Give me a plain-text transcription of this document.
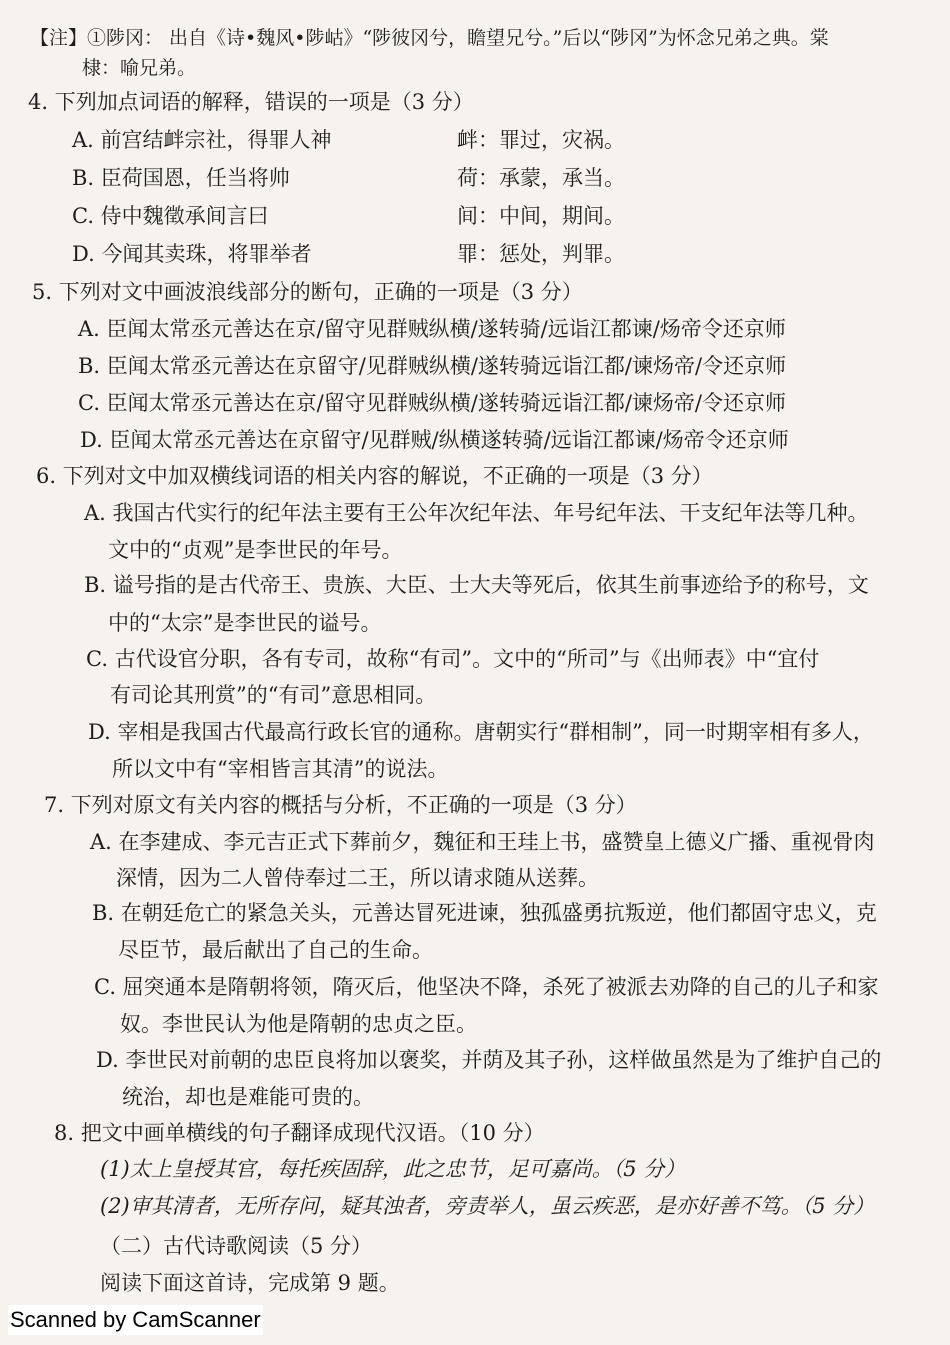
【注】①陟冈： 出自《诗•魏风•陟岵》“陟彼冈兮，瞻望兄兮。”后以“陟冈”为怀念兄弟之典。棠
棣：喻兄弟。
4. 下列加点词语的解释，错误的一项是（3 分）
A. 前宫结衅宗社，得罪人神	衅：罪过，灾祸。
B. 臣荷国恩，任当将帅	荷：承蒙，承当。
C. 侍中魏徵承间言曰	间：中间，期间。
D. 今闻其卖珠，将罪举者	罪：惩处，判罪。
5. 下列对文中画波浪线部分的断句，正确的一项是（3 分）
A. 臣闻太常丞元善达在京/留守见群贼纵横/遂转骑/远诣江都谏/炀帝令还京师
B. 臣闻太常丞元善达在京留守/见群贼纵横/遂转骑远诣江都/谏炀帝/令还京师
C. 臣闻太常丞元善达在京/留守见群贼纵横/遂转骑远诣江都/谏炀帝/令还京师
D. 臣闻太常丞元善达在京留守/见群贼/纵横遂转骑/远诣江都谏/炀帝令还京师
6. 下列对文中加双横线词语的相关内容的解说，不正确的一项是（3 分）
A. 我国古代实行的纪年法主要有王公年次纪年法、年号纪年法、干支纪年法等几种。
文中的“贞观”是李世民的年号。
B. 谥号指的是古代帝王、贵族、大臣、士大夫等死后，依其生前事迹给予的称号，文
中的“太宗”是李世民的谥号。
C. 古代设官分职，各有专司，故称“有司”。文中的“所司”与《出师表》中“宜付
有司论其刑赏”的“有司”意思相同。
D. 宰相是我国古代最高行政长官的通称。唐朝实行“群相制”，同一时期宰相有多人，
所以文中有“宰相皆言其清”的说法。
7. 下列对原文有关内容的概括与分析，不正确的一项是（3 分）
A. 在李建成、李元吉正式下葬前夕，魏征和王珪上书，盛赞皇上德义广播、重视骨肉
深情，因为二人曾侍奉过二王，所以请求随从送葬。
B. 在朝廷危亡的紧急关头，元善达冒死进谏，独孤盛勇抗叛逆，他们都固守忠义，克
尽臣节，最后献出了自己的生命。
C. 屈突通本是隋朝将领，隋灭后，他坚决不降，杀死了被派去劝降的自己的儿子和家
奴。李世民认为他是隋朝的忠贞之臣。
D. 李世民对前朝的忠臣良将加以褒奖，并荫及其子孙，这样做虽然是为了维护自己的
统治，却也是难能可贵的。
8. 把文中画单横线的句子翻译成现代汉语。（10 分）
(1)太上皇授其官，每托疾固辞，此之忠节，足可嘉尚。（5 分）
(2)审其清者，无所存问，疑其浊者，旁责举人，虽云疾恶，是亦好善不笃。（5 分）
（二）古代诗歌阅读（5 分）
阅读下面这首诗，完成第 9 题。
Scanned by CamScanner
